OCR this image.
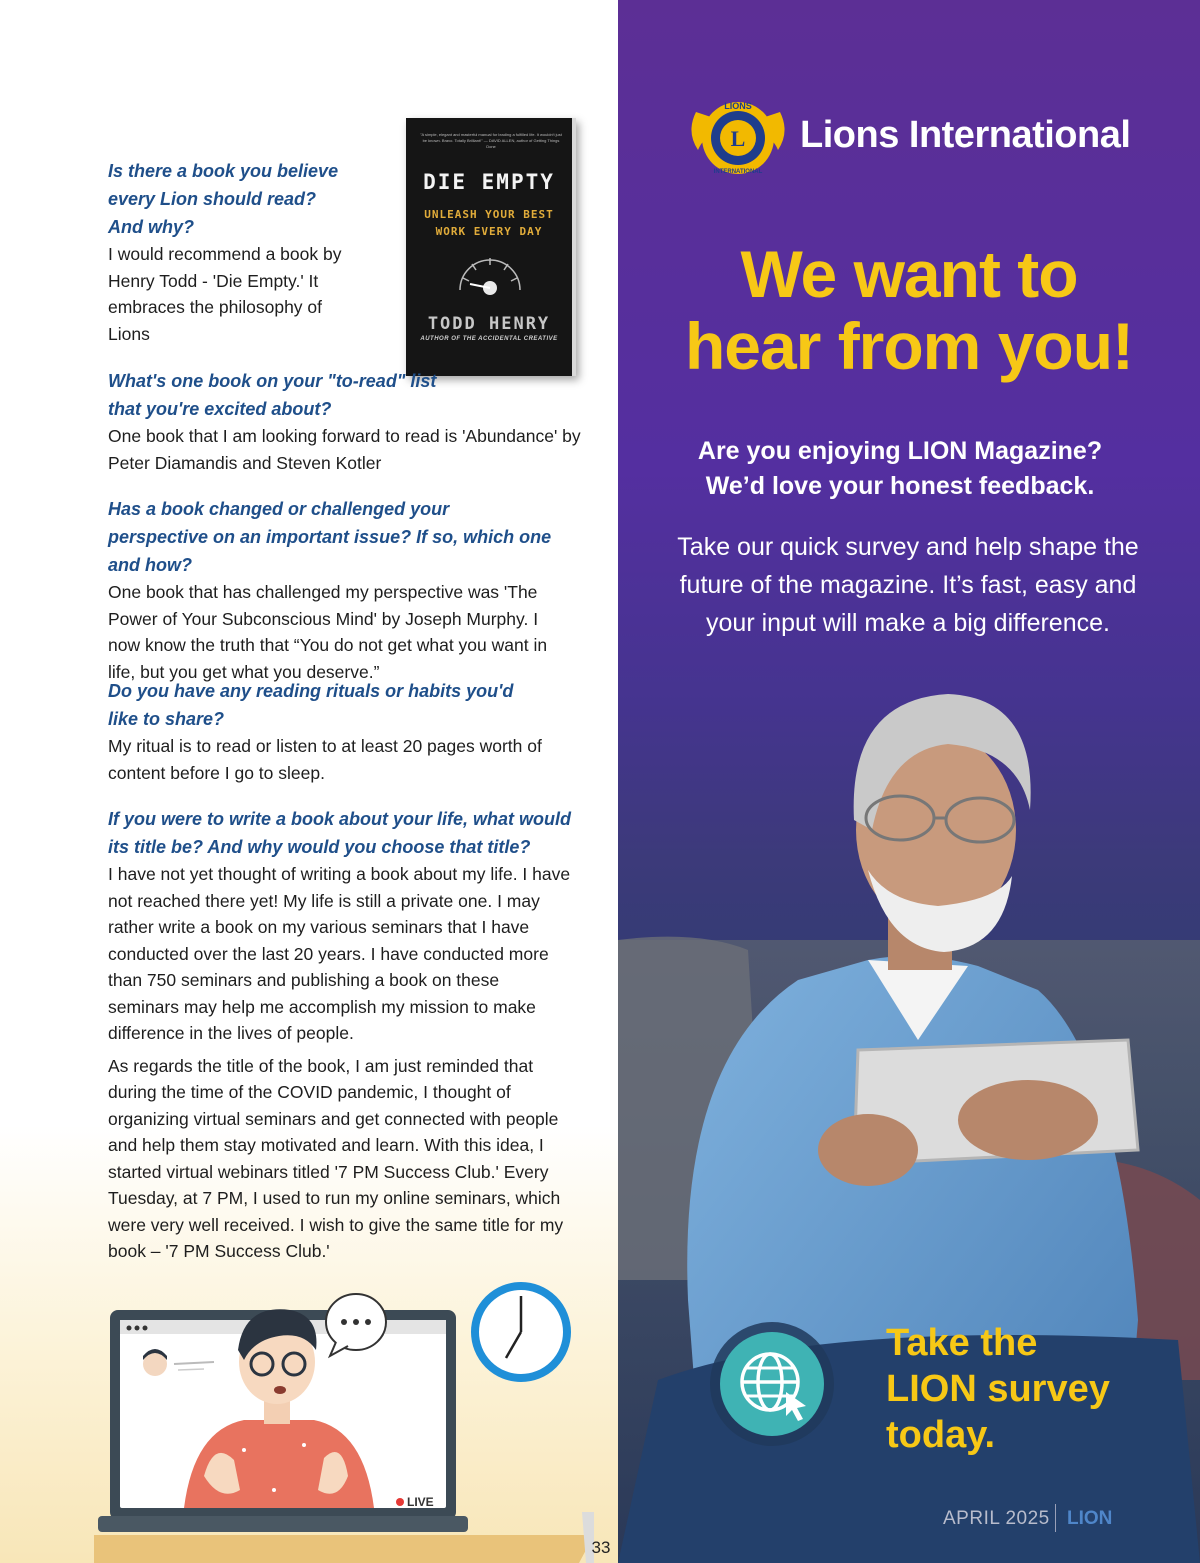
"A simple, elegant and masterful manual for leading a fulfilled life. It wouldn't just be known. Bravo. Totally Brilliant!" — DAVID ALLEN, author of Getting Things Done
DIE EMPTY
UNLEASH YOUR BEST WORK EVERY DAY
TODD HENRY
AUTHOR OF THE ACCIDENTAL CREATIVE
Is there a book you believe every Lion should read? And why?
I would recommend a book by Henry Todd - 'Die Empty.' It embraces the philosophy of Lions
What's one book on your "to-read" list that you're excited about?
One book that I am looking forward to read is 'Abundance' by Peter Diamandis and Steven Kotler
Has a book changed or challenged your perspective on an important issue? If so, which one and how?
One book that has challenged my perspective was 'The Power of Your Subconscious Mind' by Joseph Murphy. I now know the truth that “You do not get what you want in life, but you get what you deserve.”
Do you have any reading rituals or habits you'd like to share?
My ritual is to read or listen to at least 20 pages worth of content before I go to sleep.
If you were to write a book about your life, what would its title be? And why would you choose that title?
I have not yet thought of writing a book about my life. I have not reached there yet! My life is still a private one. I may rather write a book on my various seminars that I have conducted over the last 20 years. I have conducted more than 750 seminars and publishing a book on these seminars may help me accomplish my mission to make difference in the lives of people.
As regards the title of the book, I am just reminded that during the time of the COVID pandemic, I thought of organizing virtual seminars and get connected with people and help them stay motivated and learn. With this idea, I started virtual webinars titled '7 PM Success Club.' Every Tuesday, at 7 PM, I used to run my online seminars, which were very well received. I wish to give the same title for my book – '7 PM Success Club.'
LIVE
33
L
LIONS
INTERNATIONAL
Lions International
We want to
hear from you!
Are you enjoying LION Magazine?
We’d love your honest feedback.
Take our quick survey and help shape the future of the magazine. It’s fast, easy and your input will make a big difference.
Take the
LION survey
today.
APRIL 2025 LION
